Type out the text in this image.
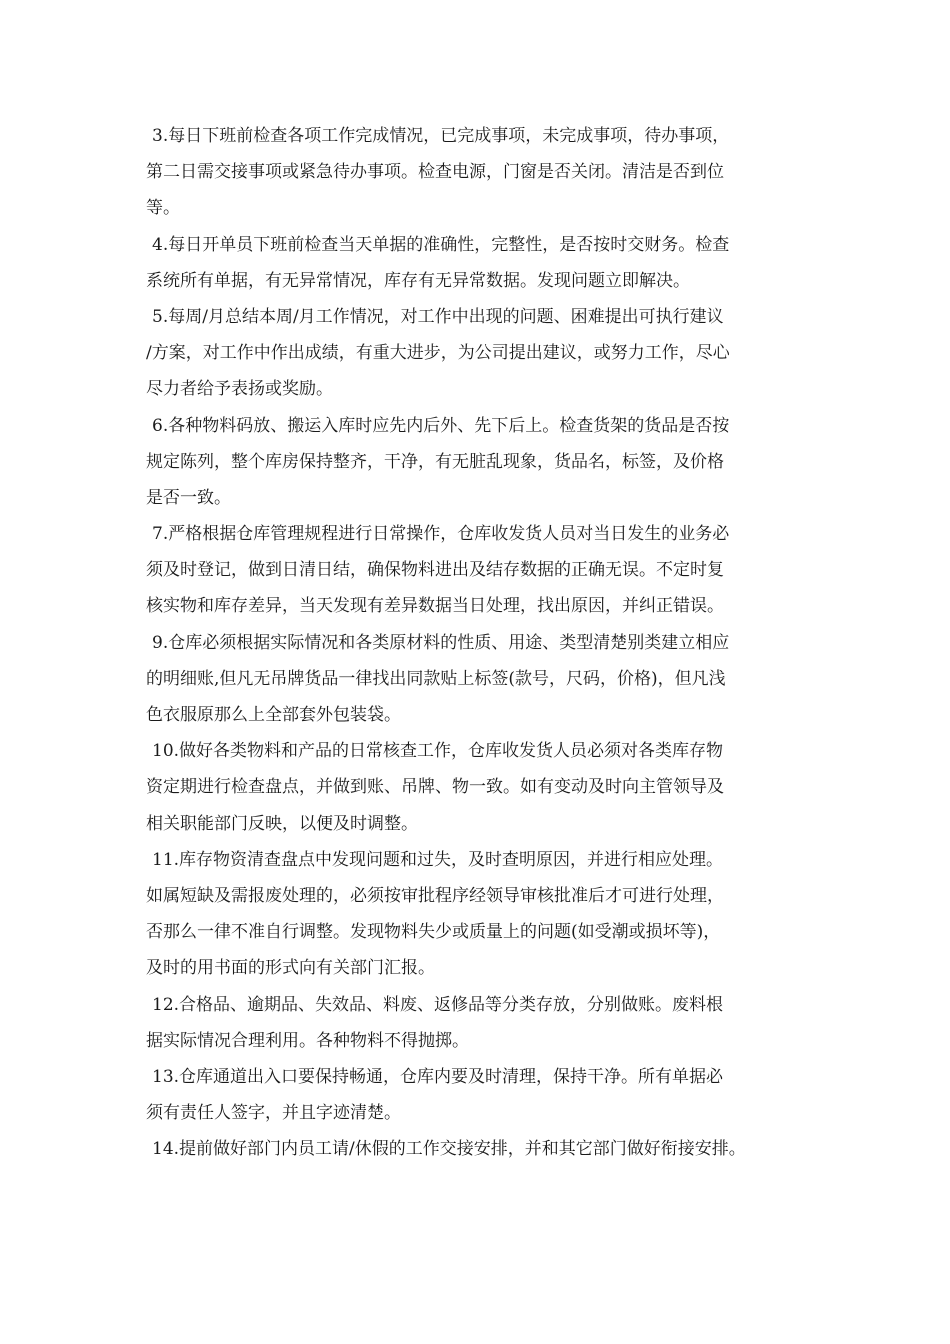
3.每日下班前检查各项工作完成情况，已完成事项，未完成事项，待办事项，
第二日需交接事项或紧急待办事项。检查电源，门窗是否关闭。清洁是否到位
等。
4.每日开单员下班前检查当天单据的准确性，完整性，是否按时交财务。检查
系统所有单据，有无异常情况，库存有无异常数据。发现问题立即解决。
5.每周/月总结本周/月工作情况，对工作中出现的问题、困难提出可执行建议
/方案，对工作中作出成绩，有重大进步，为公司提出建议，或努力工作，尽心
尽力者给予表扬或奖励。
6.各种物料码放、搬运入库时应先内后外、先下后上。检查货架的货品是否按
规定陈列，整个库房保持整齐，干净，有无脏乱现象，货品名，标签，及价格
是否一致。
7.严格根据仓库管理规程进行日常操作，仓库收发货人员对当日发生的业务必
须及时登记，做到日清日结，确保物料进出及结存数据的正确无误。不定时复
核实物和库存差异，当天发现有差异数据当日处理，找出原因，并纠正错误。
9.仓库必须根据实际情况和各类原材料的性质、用途、类型清楚别类建立相应
的明细账,但凡无吊牌货品一律找出同款贴上标签(款号，尺码，价格)，但凡浅
色衣服原那么上全部套外包装袋。
10.做好各类物料和产品的日常核查工作，仓库收发货人员必须对各类库存物
资定期进行检查盘点，并做到账、吊牌、物一致。如有变动及时向主管领导及
相关职能部门反映，以便及时调整。
11.库存物资清查盘点中发现问题和过失，及时查明原因，并进行相应处理。
如属短缺及需报废处理的，必须按审批程序经领导审核批准后才可进行处理，
否那么一律不准自行调整。发现物料失少或质量上的问题(如受潮或损坏等)，
及时的用书面的形式向有关部门汇报。
12.合格品、逾期品、失效品、料废、返修品等分类存放，分别做账。废料根
据实际情况合理利用。各种物料不得抛掷。
13.仓库通道出入口要保持畅通，仓库内要及时清理，保持干净。所有单据必
须有责任人签字，并且字迹清楚。
14.提前做好部门内员工请/休假的工作交接安排，并和其它部门做好衔接安排。
